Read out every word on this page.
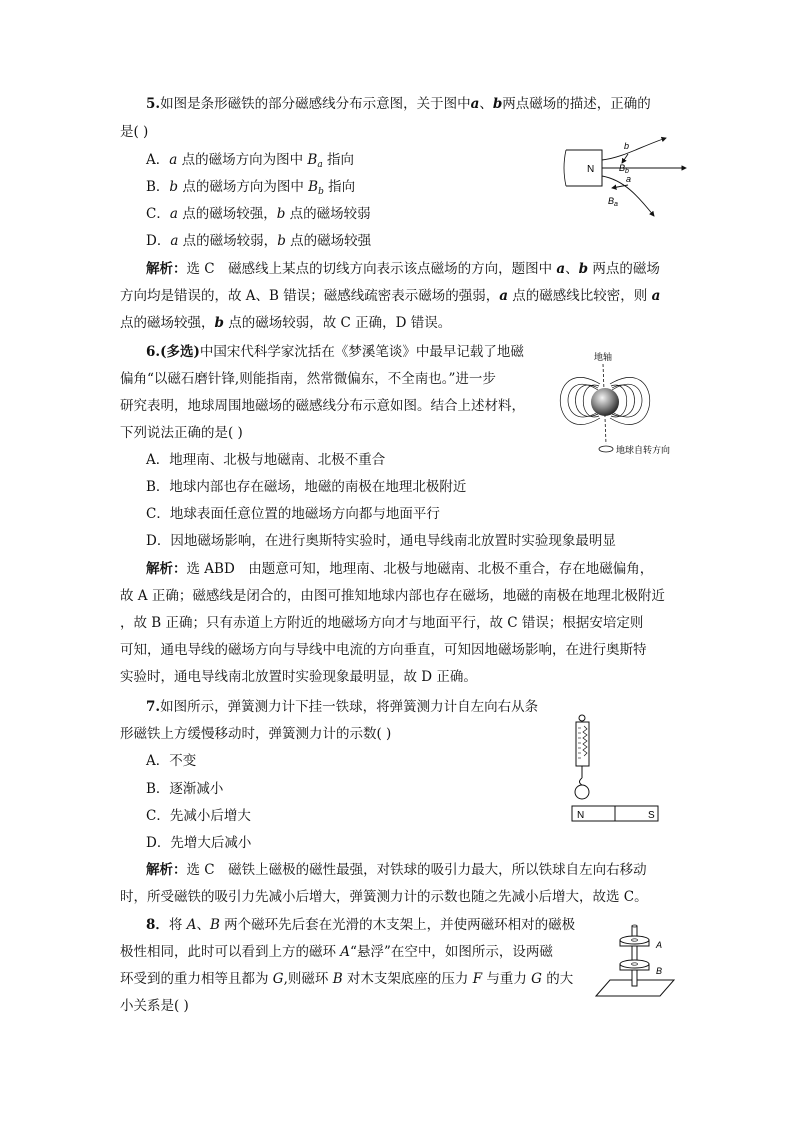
5.如图是条形磁铁的部分磁感线分布示意图，关于图中a、b两点磁场的描述，正确的
是( )
A．a 点的磁场方向为图中 $B_a$ 指向
B．b 点的磁场方向为图中 $B_b$ 指向
C．a 点的磁场较强，b 点的磁场较弱
D．a 点的磁场较弱，b 点的磁场较强
N
b
$B_b$
a
$B_a$
解析：选 C　磁感线上某点的切线方向表示该点磁场的方向，题图中 a、b 两点的磁场
方向均是错误的，故 A、B 错误；磁感线疏密表示磁场的强弱，a 点的磁感线比较密，则 a
点的磁场较强，b 点的磁场较弱，故 C 正确，D 错误。
6.(多选)中国宋代科学家沈括在《梦溪笔谈》中最早记载了地磁
偏角“以磁石磨针锋,则能指南，然常微偏东，不全南也。”进一步
研究表明，地球周围地磁场的磁感线分布示意如图。结合上述材料，
下列说法正确的是( )
A．地理南、北极与地磁南、北极不重合
B．地球内部也存在磁场，地磁的南极在地理北极附近
C．地球表面任意位置的地磁场方向都与地面平行
D．因地磁场影响，在进行奥斯特实验时，通电导线南北放置时实验现象最明显
地轴
地球自转方向
解析：选 ABD　由题意可知，地理南、北极与地磁南、北极不重合，存在地磁偏角，
故 A 正确；磁感线是闭合的，由图可推知地球内部也存在磁场，地磁的南极在地理北极附近
，故 B 正确；只有赤道上方附近的地磁场方向才与地面平行，故 C 错误；根据安培定则
可知，通电导线的磁场方向与导线中电流的方向垂直，可知因地磁场影响，在进行奥斯特
实验时，通电导线南北放置时实验现象最明显，故 D 正确。
7.如图所示，弹簧测力计下挂一铁球，将弹簧测力计自左向右从条
形磁铁上方缓慢移动时，弹簧测力计的示数( )
A．不变
B．逐渐减小
C．先减小后增大
D．先增大后减小
N	S
解析：选 C　磁铁上磁极的磁性最强，对铁球的吸引力最大，所以铁球自左向右移动
时，所受磁铁的吸引力先减小后增大，弹簧测力计的示数也随之先减小后增大，故选 C。
8．将 A、B 两个磁环先后套在光滑的木支架上，并使两磁环相对的磁极
极性相同，此时可以看到上方的磁环 A“悬浮”在空中，如图所示，设两磁
环受到的重力相等且都为 G,则磁环 B 对木支架底座的压力 F 与重力 G 的大
小关系是( )
A
B
